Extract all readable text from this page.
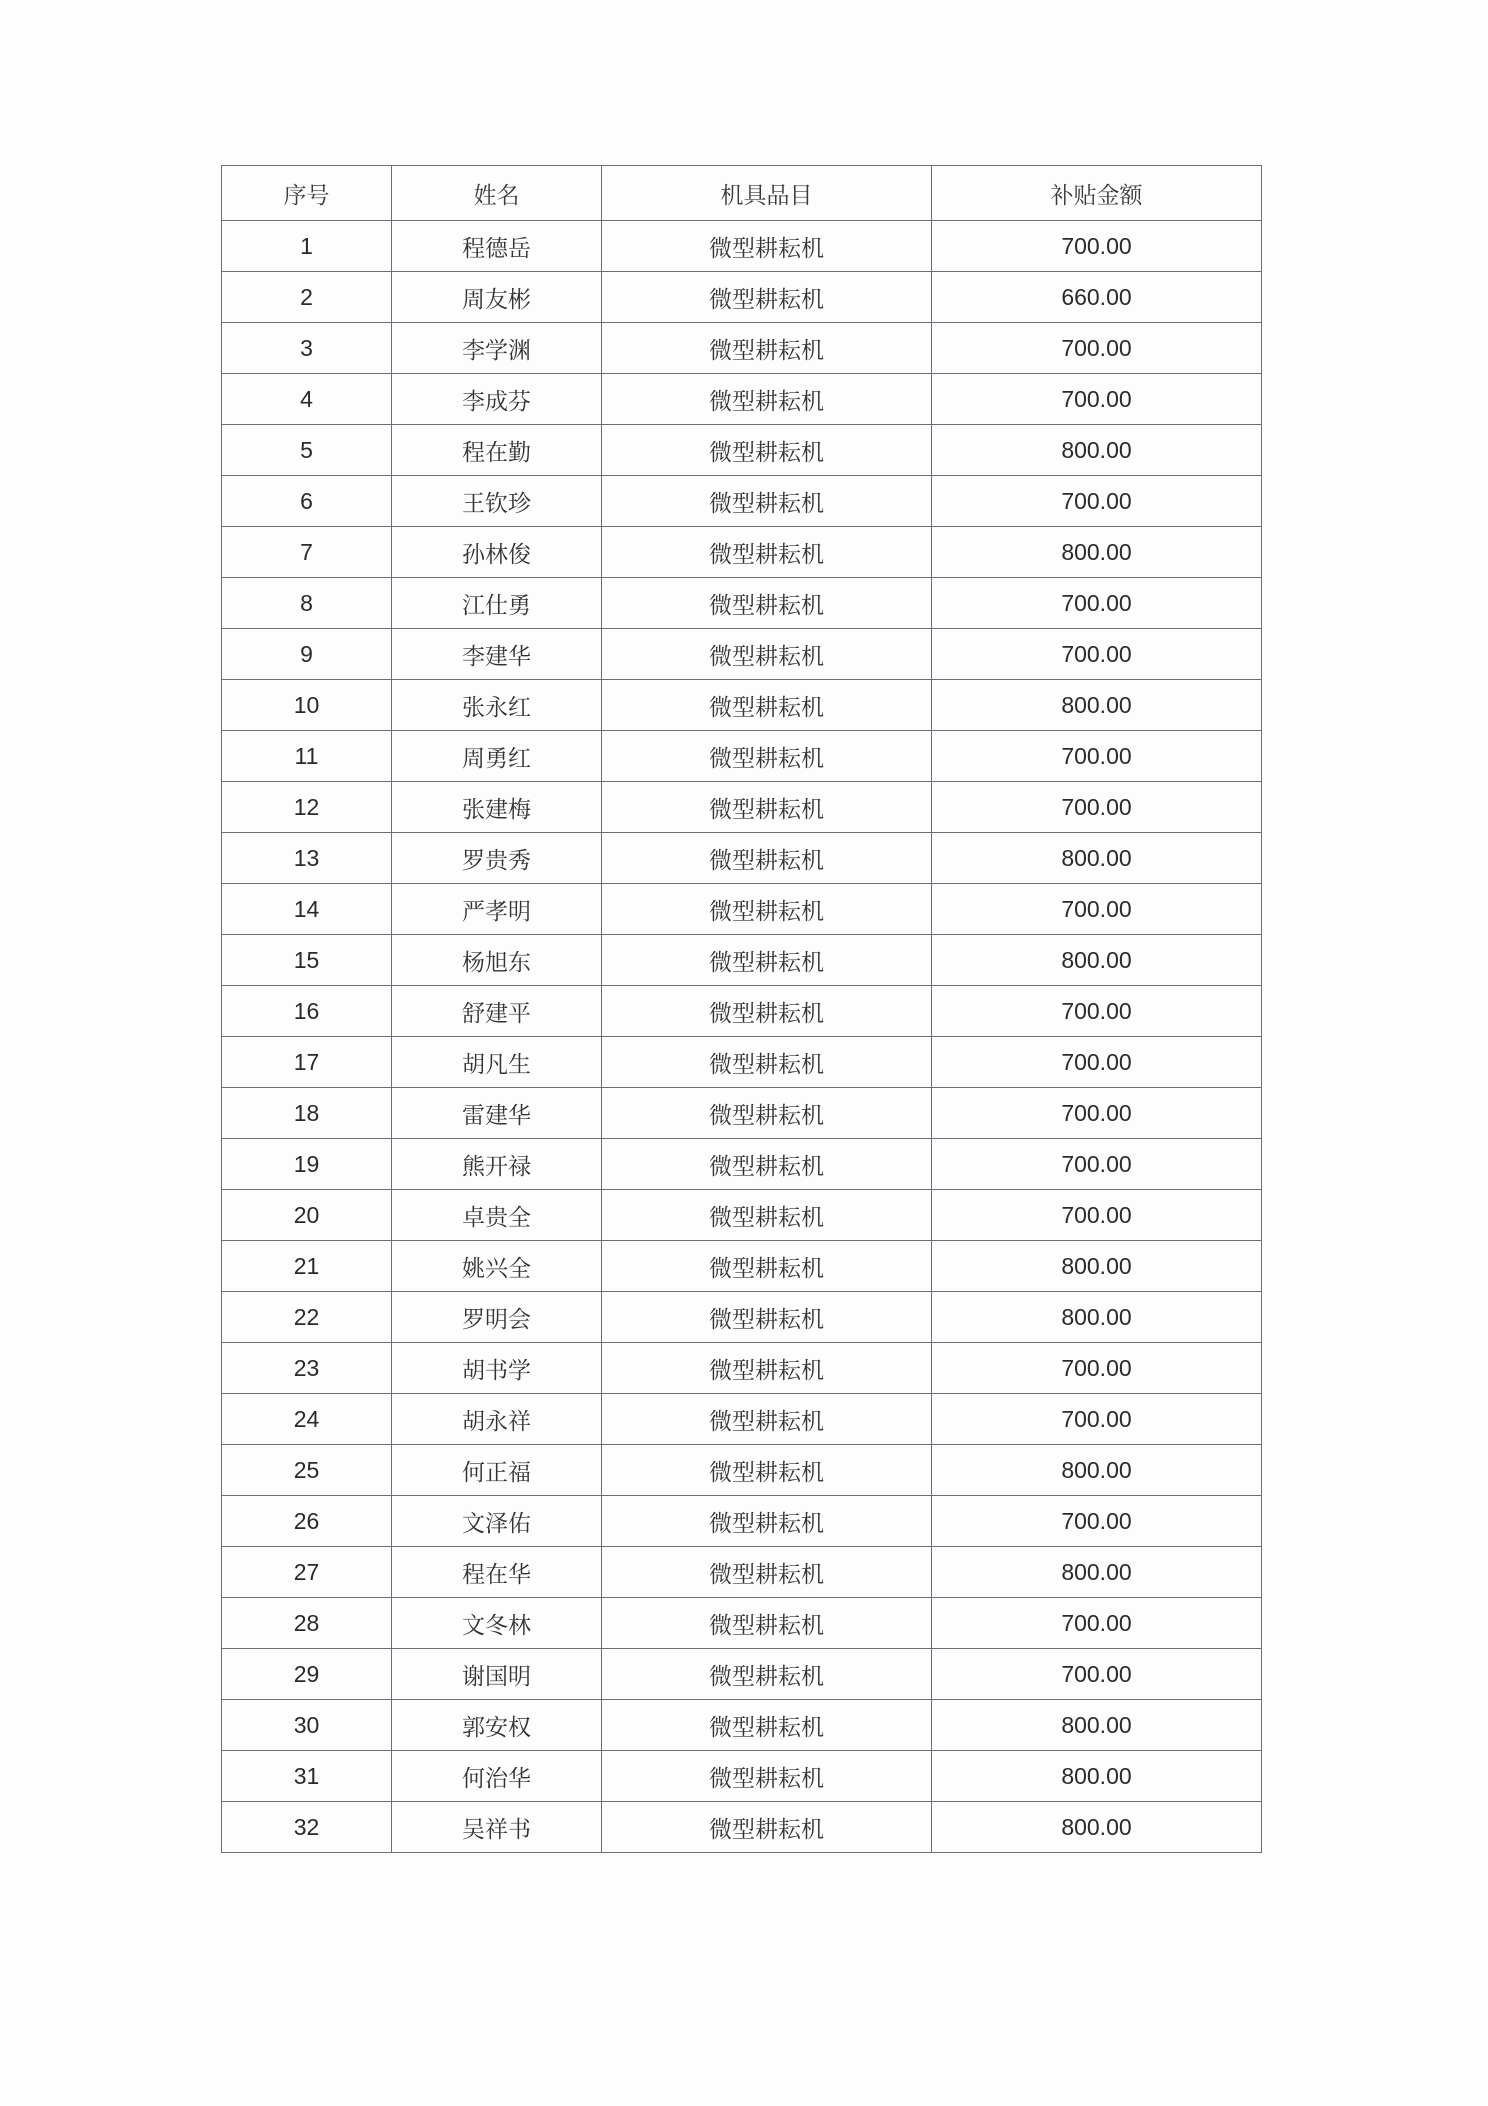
序号	姓名	机具品目	补贴金额
1	程德岳	微型耕耘机	700.00
2	周友彬	微型耕耘机	660.00
3	李学渊	微型耕耘机	700.00
4	李成芬	微型耕耘机	700.00
5	程在勤	微型耕耘机	800.00
6	王钦珍	微型耕耘机	700.00
7	孙林俊	微型耕耘机	800.00
8	江仕勇	微型耕耘机	700.00
9	李建华	微型耕耘机	700.00
10	张永红	微型耕耘机	800.00
11	周勇红	微型耕耘机	700.00
12	张建梅	微型耕耘机	700.00
13	罗贵秀	微型耕耘机	800.00
14	严孝明	微型耕耘机	700.00
15	杨旭东	微型耕耘机	800.00
16	舒建平	微型耕耘机	700.00
17	胡凡生	微型耕耘机	700.00
18	雷建华	微型耕耘机	700.00
19	熊开禄	微型耕耘机	700.00
20	卓贵全	微型耕耘机	700.00
21	姚兴全	微型耕耘机	800.00
22	罗明会	微型耕耘机	800.00
23	胡书学	微型耕耘机	700.00
24	胡永祥	微型耕耘机	700.00
25	何正福	微型耕耘机	800.00
26	文泽佑	微型耕耘机	700.00
27	程在华	微型耕耘机	800.00
28	文冬林	微型耕耘机	700.00
29	谢国明	微型耕耘机	700.00
30	郭安权	微型耕耘机	800.00
31	何治华	微型耕耘机	800.00
32	吴祥书	微型耕耘机	800.00
